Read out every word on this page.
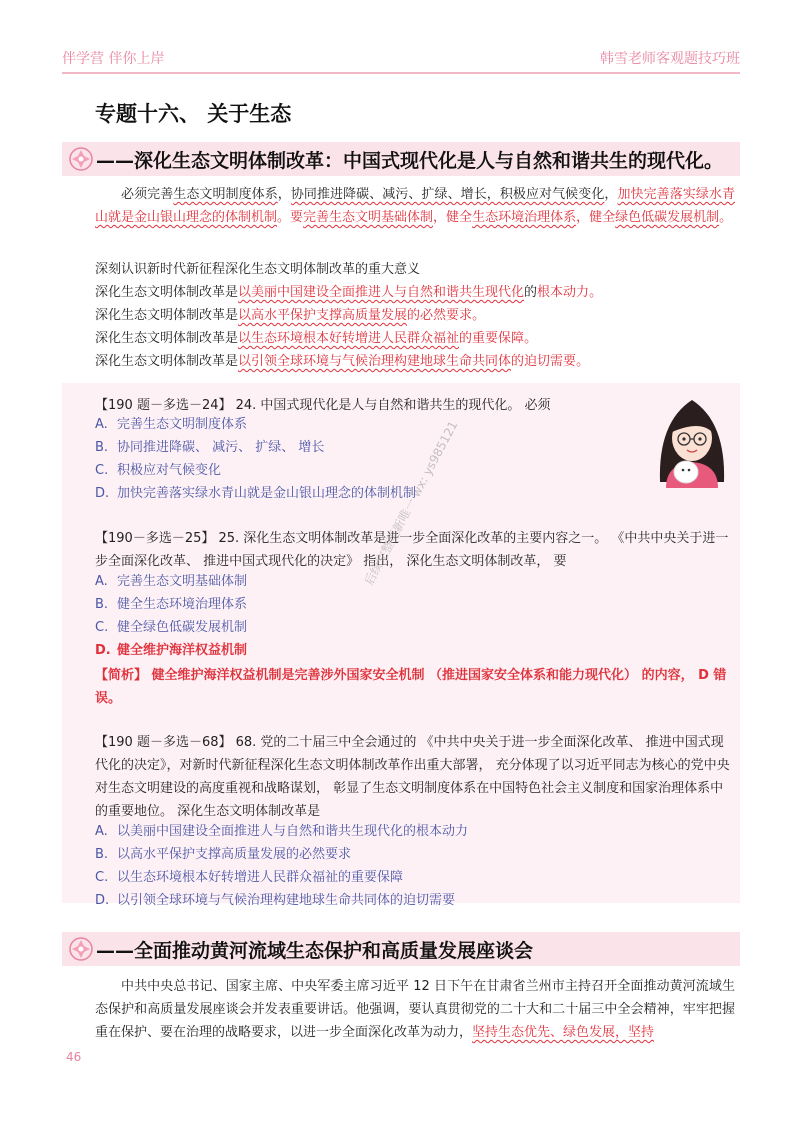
伴学营 伴你上岸	韩雪老师客观题技巧班
专题十六、 关于生态
——深化生态文明体制改革：中国式现代化是人与自然和谐共生的现代化。
必须完善生态文明制度体系，协同推进降碳、减污、扩绿、增长，积极应对气候变化，加快完善落实绿水青山就是金山银山理念的体制机制。要完善生态文明基础体制，健全生态环境治理体系，健全绿色低碳发展机制。
深刻认识新时代新征程深化生态文明体制改革的重大意义
深化生态文明体制改革是以美丽中国建设全面推进人与自然和谐共生现代化的根本动力。
深化生态文明体制改革是以高水平保护支撑高质量发展的必然要求。
深化生态文明体制改革是以生态环境根本好转增进人民群众福祉的重要保障。
深化生态文明体制改革是以引领全球环境与气候治理构建地球生命共同体的迫切需要。
【190 题－多选－24】 24. 中国式现代化是人与自然和谐共生的现代化。 必须
A. 完善生态文明制度体系
B. 协同推进降碳、 减污、 扩绿、 增长
C. 积极应对气候变化
D. 加快完善落实绿水青山就是金山银山理念的体制机制
【190－多选－25】 25. 深化生态文明体制改革是进一步全面深化改革的主要内容之一。 《中共中央关于进一步全面深化改革、 推进中国式现代化的决定》 指出， 深化生态文明体制改革， 要
A. 完善生态文明基础体制
B. 健全生态环境治理体系
C. 健全绿色低碳发展机制
D. 健全维护海洋权益机制
【简析】 健全维护海洋权益机制是完善涉外国家安全机制 （推进国家安全体系和能力现代化） 的内容， D 错误。
后续完整更新唯一 wx: ys985121
【190 题－多选－68】 68. 党的二十届三中全会通过的 《中共中央关于进一步全面深化改革、 推进中国式现代化的决定》，对新时代新征程深化生态文明体制改革作出重大部署， 充分体现了以习近平同志为核心的党中央对生态文明建设的高度重视和战略谋划， 彰显了生态文明制度体系在中国特色社会主义制度和国家治理体系中的重要地位。 深化生态文明体制改革是
A. 以美丽中国建设全面推进人与自然和谐共生现代化的根本动力
B. 以高水平保护支撑高质量发展的必然要求
C. 以生态环境根本好转增进人民群众福祉的重要保障
D. 以引领全球环境与气候治理构建地球生命共同体的迫切需要
——全面推动黄河流域生态保护和高质量发展座谈会
中共中央总书记、国家主席、中央军委主席习近平 12 日下午在甘肃省兰州市主持召开全面推动黄河流域生态保护和高质量发展座谈会并发表重要讲话。他强调，要认真贯彻党的二十大和二十届三中全会精神，牢牢把握重在保护、要在治理的战略要求，以进一步全面深化改革为动力，坚持生态优先、绿色发展，坚持
46
